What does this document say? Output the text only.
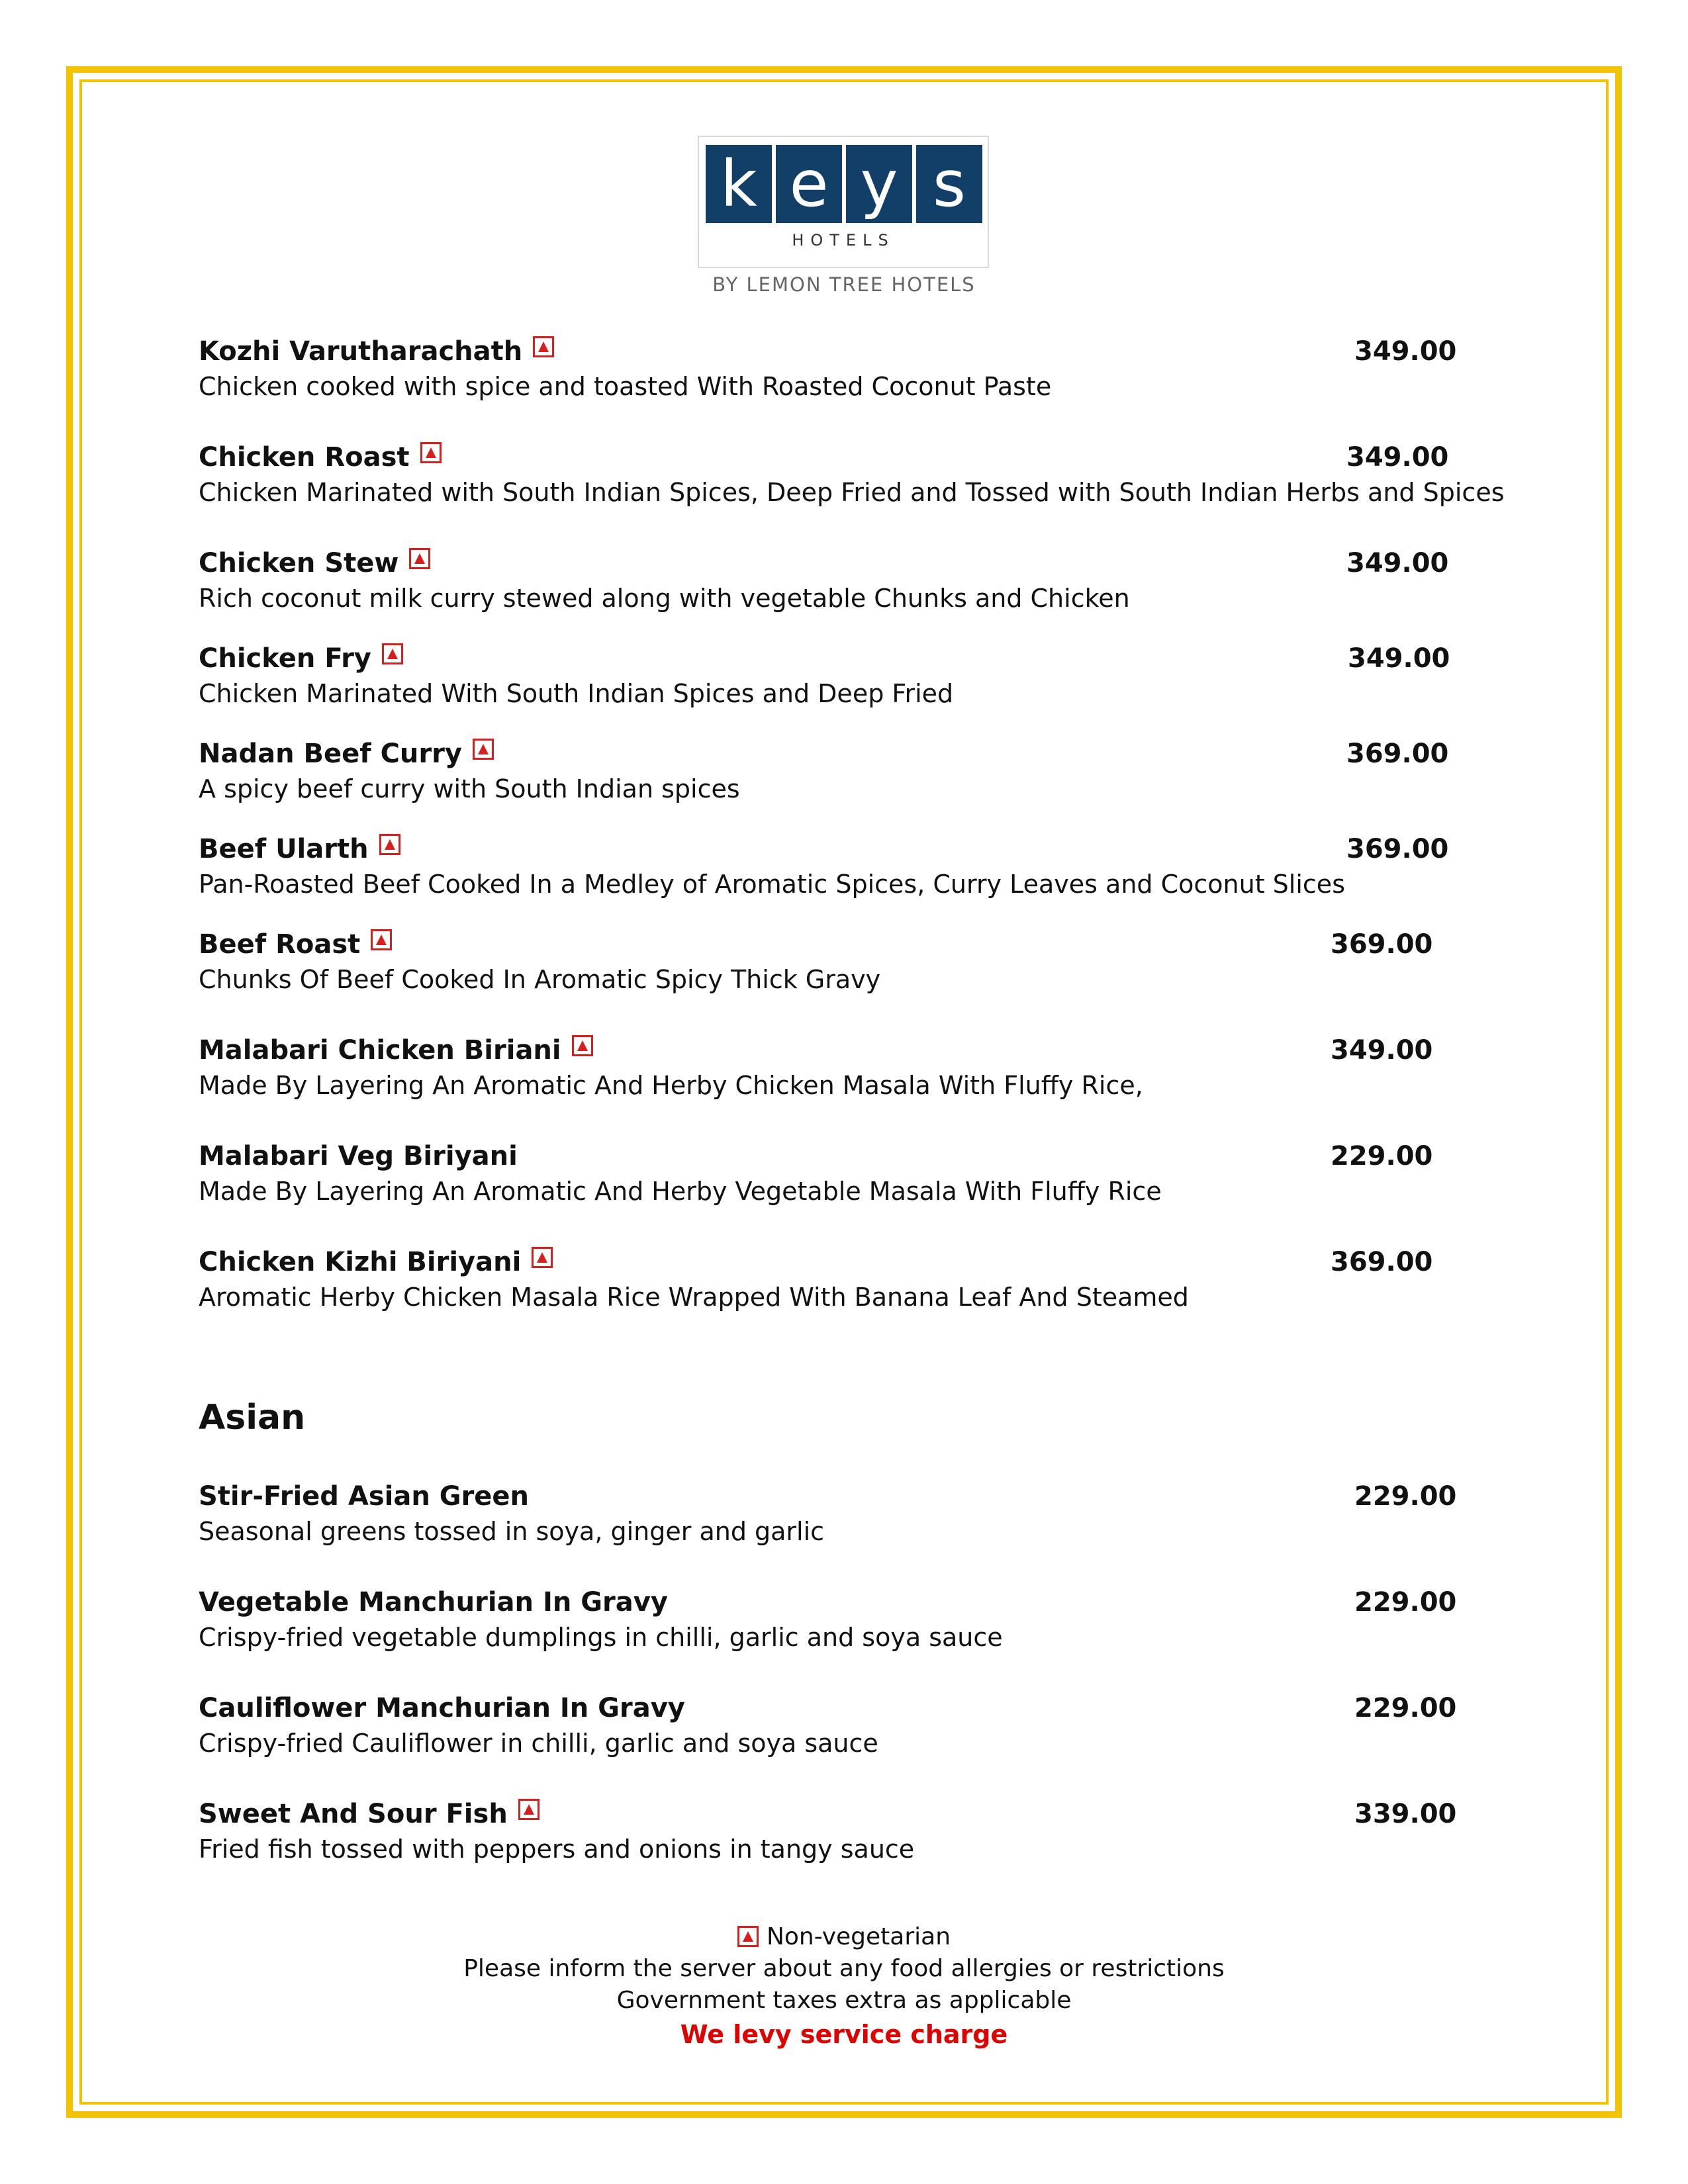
k e y s
HOTELS
BY LEMON TREE HOTELS
Kozhi Varutharachath	349.00
Chicken cooked with spice and toasted With Roasted Coconut Paste
Chicken Roast	349.00
Chicken Marinated with South Indian Spices, Deep Fried and Tossed with South Indian Herbs and Spices
Chicken Stew	349.00
Rich coconut milk curry stewed along with vegetable Chunks and Chicken
Chicken Fry	349.00
Chicken Marinated With South Indian Spices and Deep Fried
Nadan Beef Curry	369.00
A spicy beef curry with South Indian spices
Beef Ularth	369.00
Pan-Roasted Beef Cooked In a Medley of Aromatic Spices, Curry Leaves and Coconut Slices
Beef Roast	369.00
Chunks Of Beef Cooked In Aromatic Spicy Thick Gravy
Malabari Chicken Biriani	349.00
Made By Layering An Aromatic And Herby Chicken Masala With Fluffy Rice,
Malabari Veg Biriyani	229.00
Made By Layering An Aromatic And Herby Vegetable Masala With Fluffy Rice
Chicken Kizhi Biriyani	369.00
Aromatic Herby Chicken Masala Rice Wrapped With Banana Leaf And Steamed
Asian
Stir-Fried Asian Green	229.00
Seasonal greens tossed in soya, ginger and garlic
Vegetable Manchurian In Gravy	229.00
Crispy-fried vegetable dumplings in chilli, garlic and soya sauce
Cauliflower Manchurian In Gravy	229.00
Crispy-fried Cauliflower in chilli, garlic and soya sauce
Sweet And Sour Fish	339.00
Fried fish tossed with peppers and onions in tangy sauce
Non-vegetarian
Please inform the server about any food allergies or restrictions
Government taxes extra as applicable
We levy service charge
